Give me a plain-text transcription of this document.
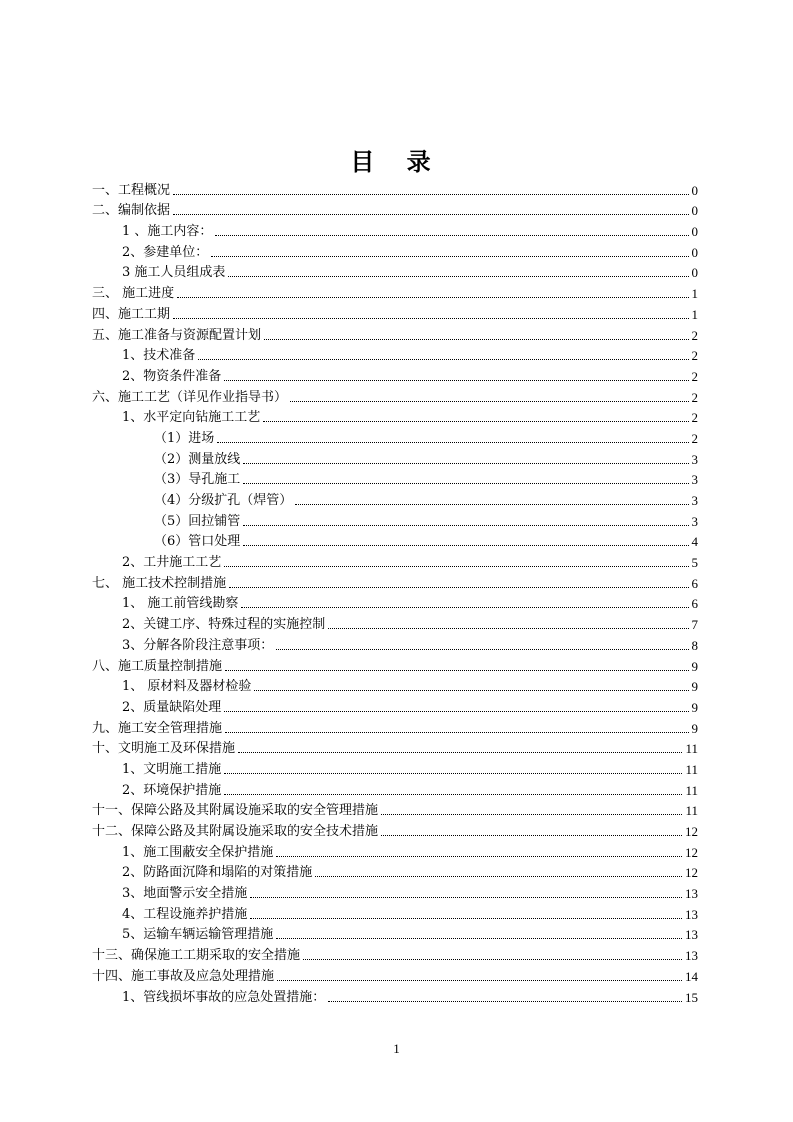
目 录
一、工程概况	0
二、编制依据	0
1 、施工内容：	0
2、参建单位：	0
3 施工人员组成表	0
三、 施工进度	1
四、施工工期	1
五、施工准备与资源配置计划	2
1、技术准备	2
2、物资条件准备	2
六、施工工艺（详见作业指导书）	2
1、水平定向钻施工工艺	2
（1）进场	2
（2）测量放线	3
（3）导孔施工	3
（4）分级扩孔（焊管）	3
（5）回拉铺管	3
（6）管口处理	4
2、工井施工工艺	5
七、 施工技术控制措施	6
1、 施工前管线勘察	6
2、关键工序、特殊过程的实施控制	7
3、分解各阶段注意事项：	8
八、施工质量控制措施	9
1、 原材料及器材检验	9
2、质量缺陷处理	9
九、施工安全管理措施	9
十、文明施工及环保措施	11
1、文明施工措施	11
2、环境保护措施	11
十一、保障公路及其附属设施采取的安全管理措施	11
十二、保障公路及其附属设施采取的安全技术措施	12
1、施工围蔽安全保护措施	12
2、防路面沉降和塌陷的对策措施	12
3、地面警示安全措施	13
4、工程设施养护措施	13
5、运输车辆运输管理措施	13
十三、确保施工工期采取的安全措施	13
十四、施工事故及应急处理措施	14
1、管线损坏事故的应急处置措施：	15
1
